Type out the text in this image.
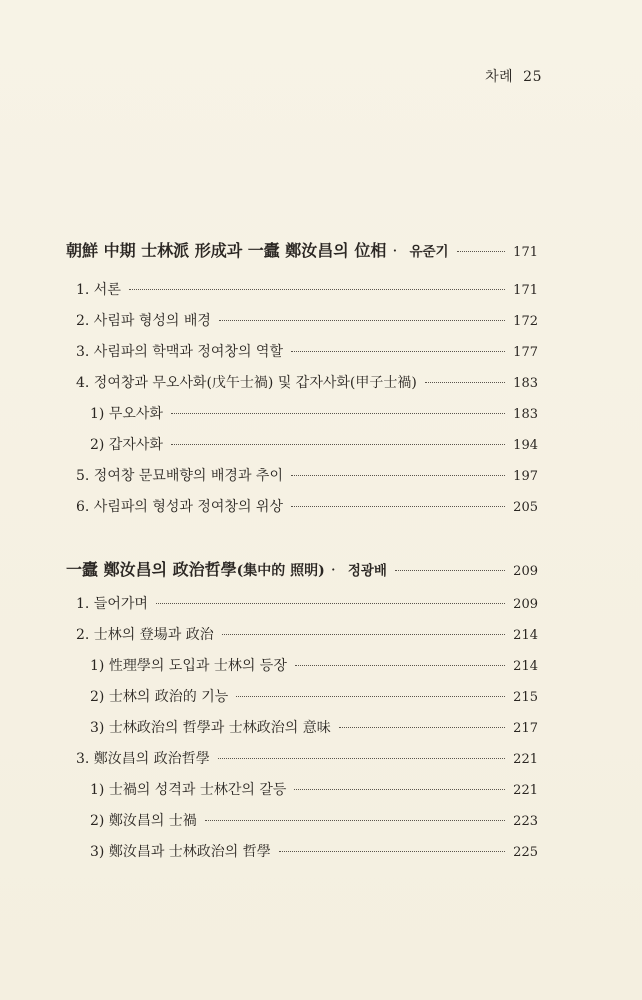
차례 25
朝鮮 中期 士林派 形成과 一蠹 鄭汝昌의 位相 · 유준기	171
1. 서론	171
2. 사림파 형성의 배경	172
3. 사림파의 학맥과 정여창의 역할	177
4. 정여창과 무오사화(戊午士禍) 및 갑자사화(甲子士禍)	183
1) 무오사화	183
2) 갑자사화	194
5. 정여창 문묘배향의 배경과 추이	197
6. 사림파의 형성과 정여창의 위상	205
一蠹 鄭汝昌의 政治哲學(集中的 照明) · 정광배	209
1. 들어가며	209
2. 士林의 登場과 政治	214
1) 性理學의 도입과 士林의 등장	214
2) 士林의 政治的 기능	215
3) 士林政治의 哲學과 士林政治의 意味	217
3. 鄭汝昌의 政治哲學	221
1) 士禍의 성격과 士林간의 갈등	221
2) 鄭汝昌의 士禍	223
3) 鄭汝昌과 士林政治의 哲學	225
